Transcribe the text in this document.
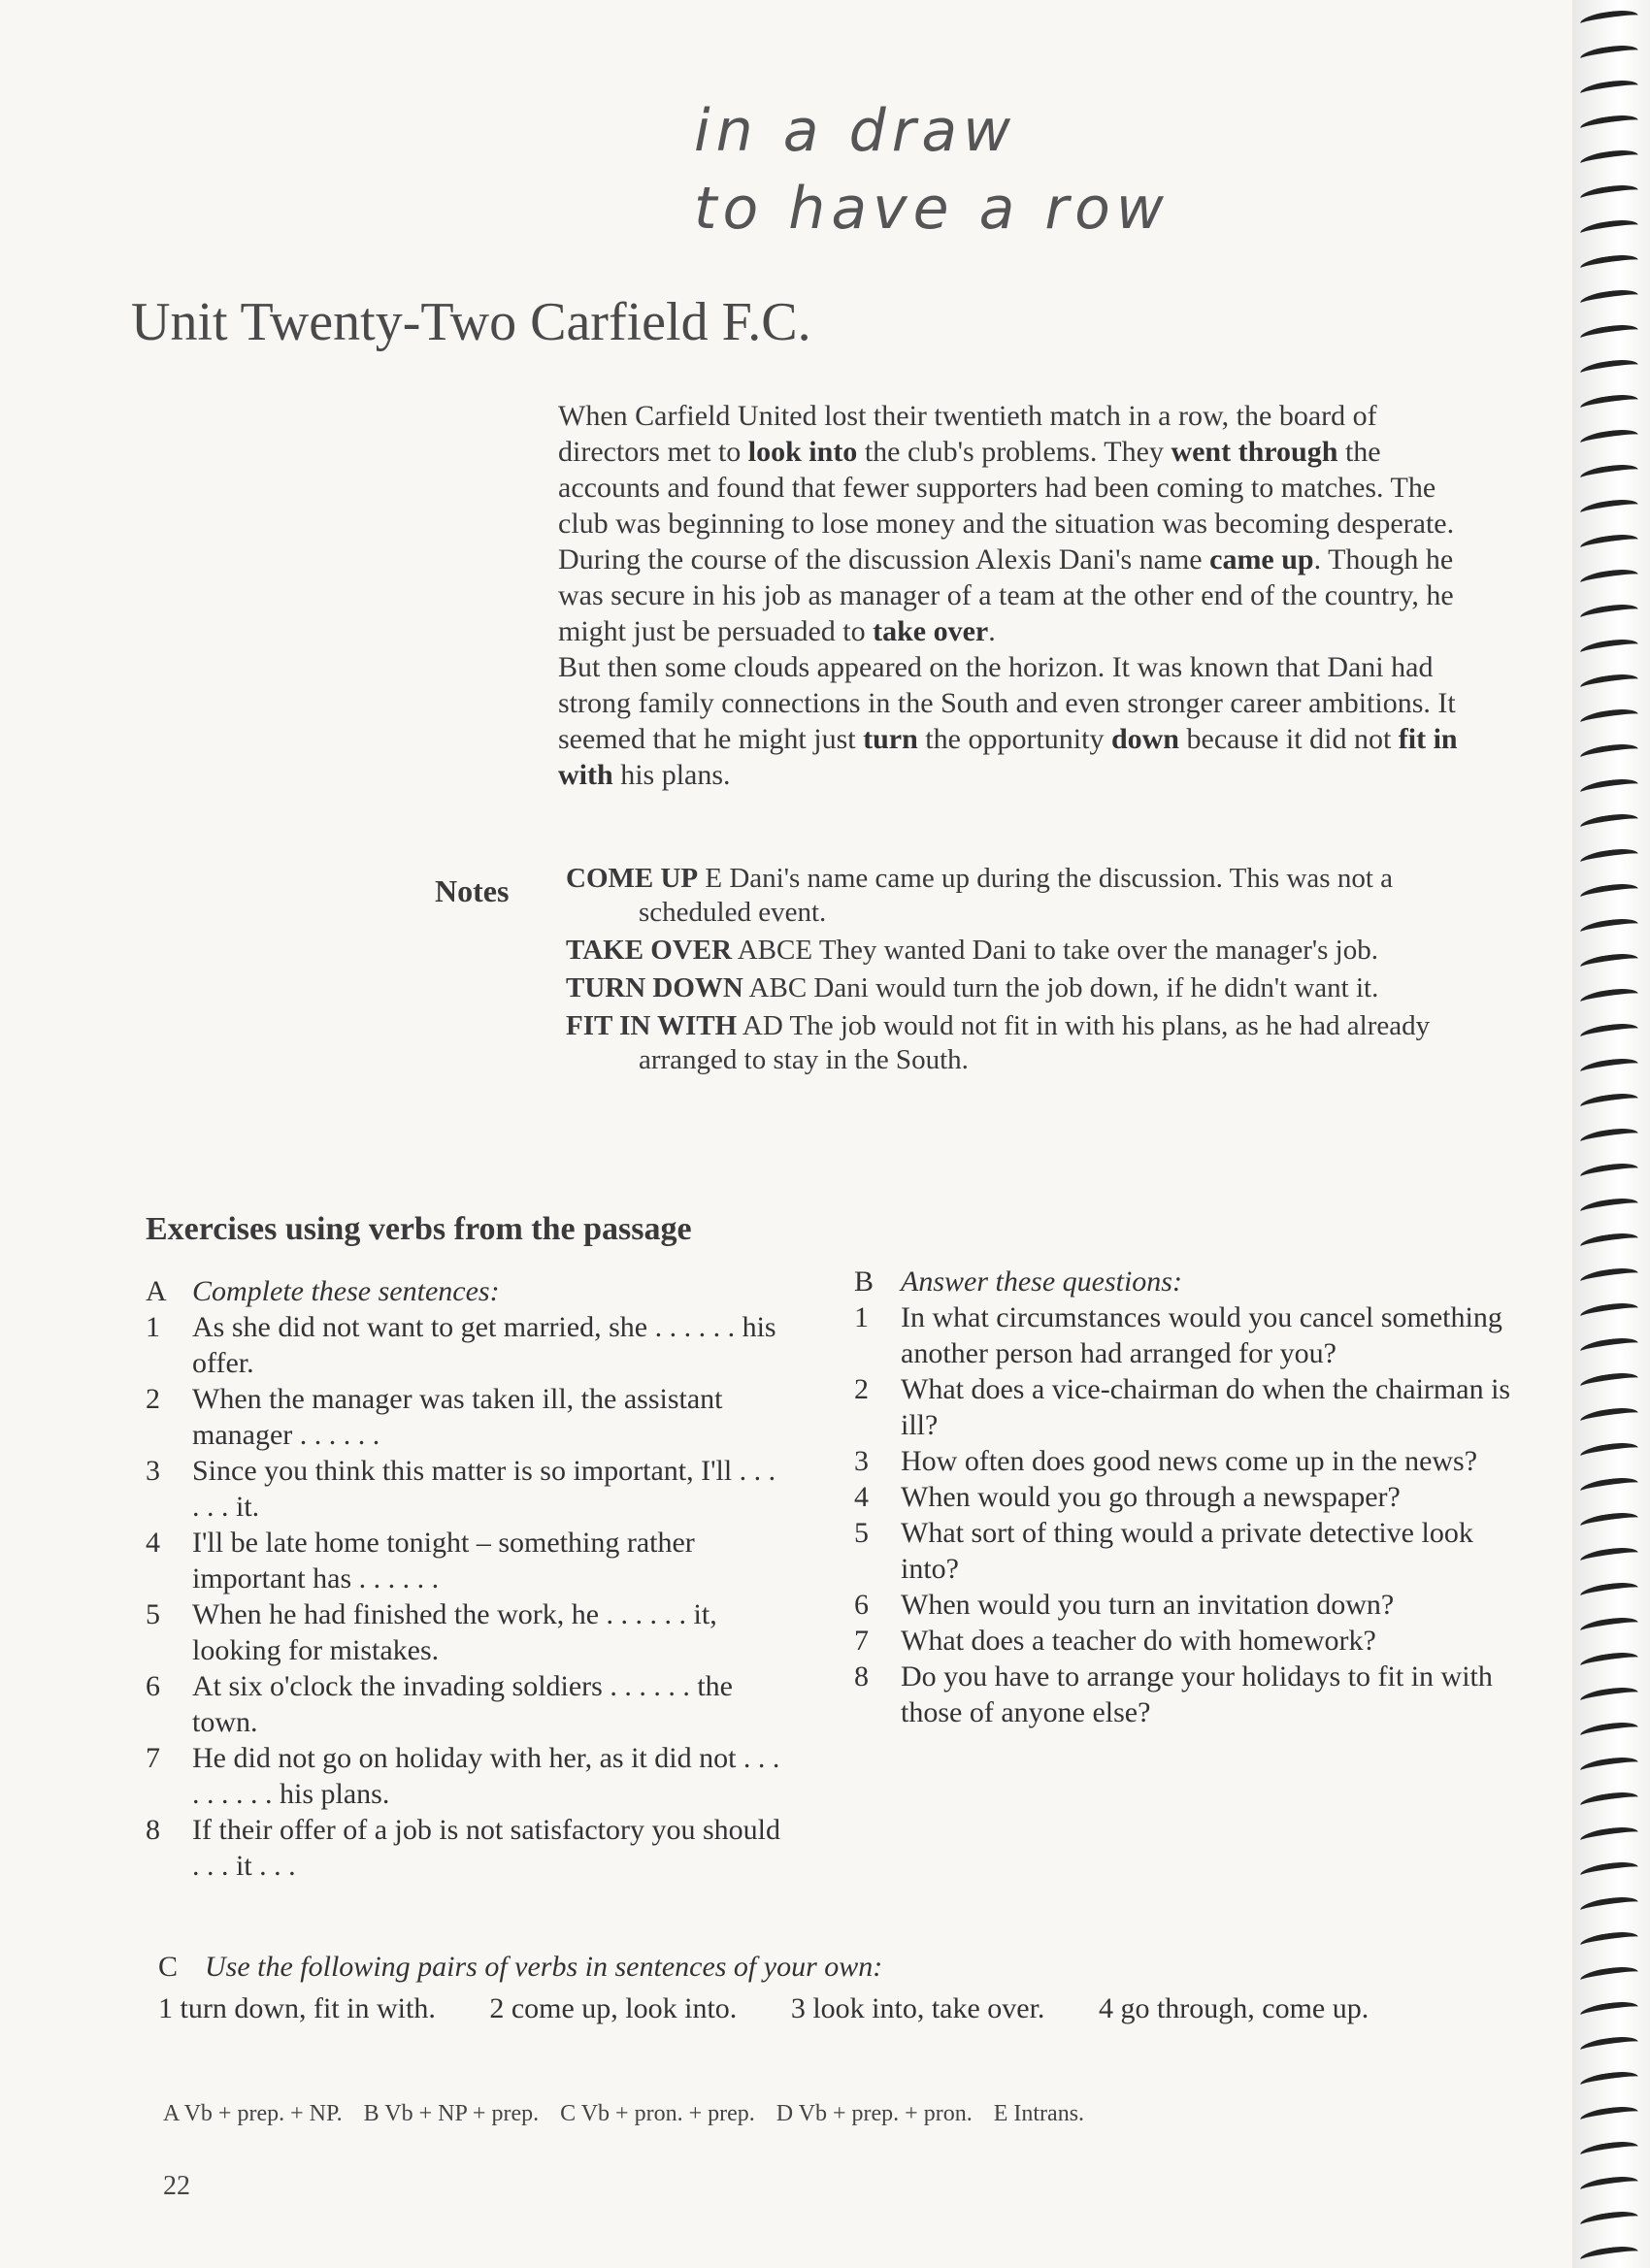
in a draw
to have a row
Unit Twenty-Two Carfield F.C.

When Carfield United lost their twentieth match in a row, the board of directors met to look into the club's problems. They went through the accounts and found that fewer supporters had been coming to matches. The club was beginning to lose money and the situation was becoming desperate. During the course of the discussion Alexis Dani's name came up. Though he was secure in his job as manager of a team at the other end of the country, he might just be persuaded to take over.

But then some clouds appeared on the horizon. It was known that Dani had strong family connections in the South and even stronger career ambitions. It seemed that he might just turn the opportunity down because it did not fit in with his plans.

Notes COME UP E Dani's name came up during the discussion. This was not a scheduled event.
TAKE OVER ABCE They wanted Dani to take over the manager's job.
TURN DOWN ABC Dani would turn the job down, if he didn't want it.
FIT IN WITH AD The job would not fit in with his plans, as he had already arranged to stay in the South.
Exercises using verbs from the passage
A Complete these sentences:
1	As she did not want to get married, she . . . . . . his offer.
2	When the manager was taken ill, the assistant manager . . . . . .
3	Since you think this matter is so important, I'll . . . . . . it.
4	I'll be late home tonight – something rather important has . . . . . .
5	When he had finished the work, he . . . . . . it, looking for mistakes.
6	At six o'clock the invading soldiers . . . . . . the town.
7	He did not go on holiday with her, as it did not . . . . . . . . . his plans.
8	If their offer of a job is not satisfactory you should . . . it . . .
B Answer these questions:
1	In what circumstances would you cancel something another person had arranged for you?
2	What does a vice-chairman do when the chairman is ill?
3	How often does good news come up in the news?
4	When would you go through a newspaper?
5	What sort of thing would a private detective look into?
6	When would you turn an invitation down?
7	What does a teacher do with homework?
8	Do you have to arrange your holidays to fit in with those of anyone else?
C Use the following pairs of verbs in sentences of your own:
1 turn down, fit in with. 2 come up, look into. 3 look into, take over. 4 go through, come up.
A Vb + prep. + NP. B Vb + NP + prep. C Vb + pron. + prep. D Vb + prep. + pron. E Intrans.
22
